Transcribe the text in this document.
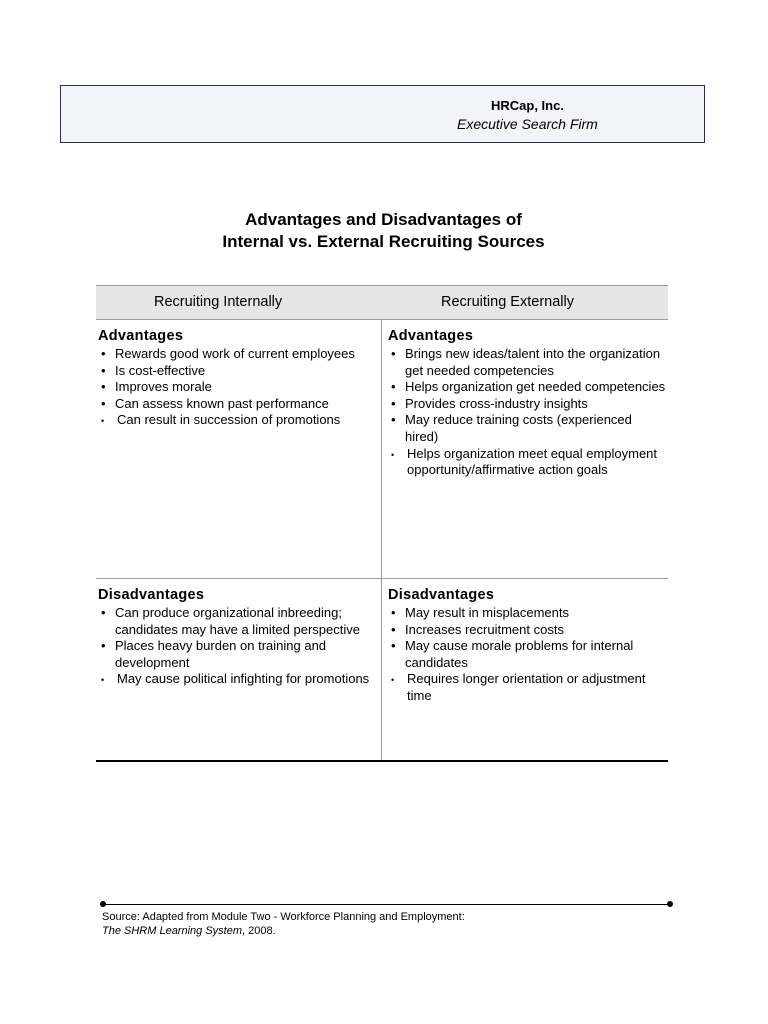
HRCap, Inc.
Executive Search Firm
Advantages and Disadvantages of
Internal vs. External Recruiting Sources
Recruiting Internally	Recruiting Externally
Advantages
• Rewards good work of current employees
• Is cost-effective
• Improves morale
• Can assess known past performance
• Can result in succession of promotions
Advantages
• Brings new ideas/talent into the organization get needed competencies
• Helps organization get needed competencies
• Provides cross-industry insights
• May reduce training costs (experienced hired)
• Helps organization meet equal employment opportunity/affirmative action goals
Disadvantages
• Can produce organizational inbreeding; candidates may have a limited perspective
• Places heavy burden on training and development
• May cause political infighting for promotions
Disadvantages
• May result in misplacements
• Increases recruitment costs
• May cause morale problems for internal candidates
• Requires longer orientation or adjustment time
Source: Adapted from Module Two - Workforce Planning and Employment:
The SHRM Learning System, 2008.
